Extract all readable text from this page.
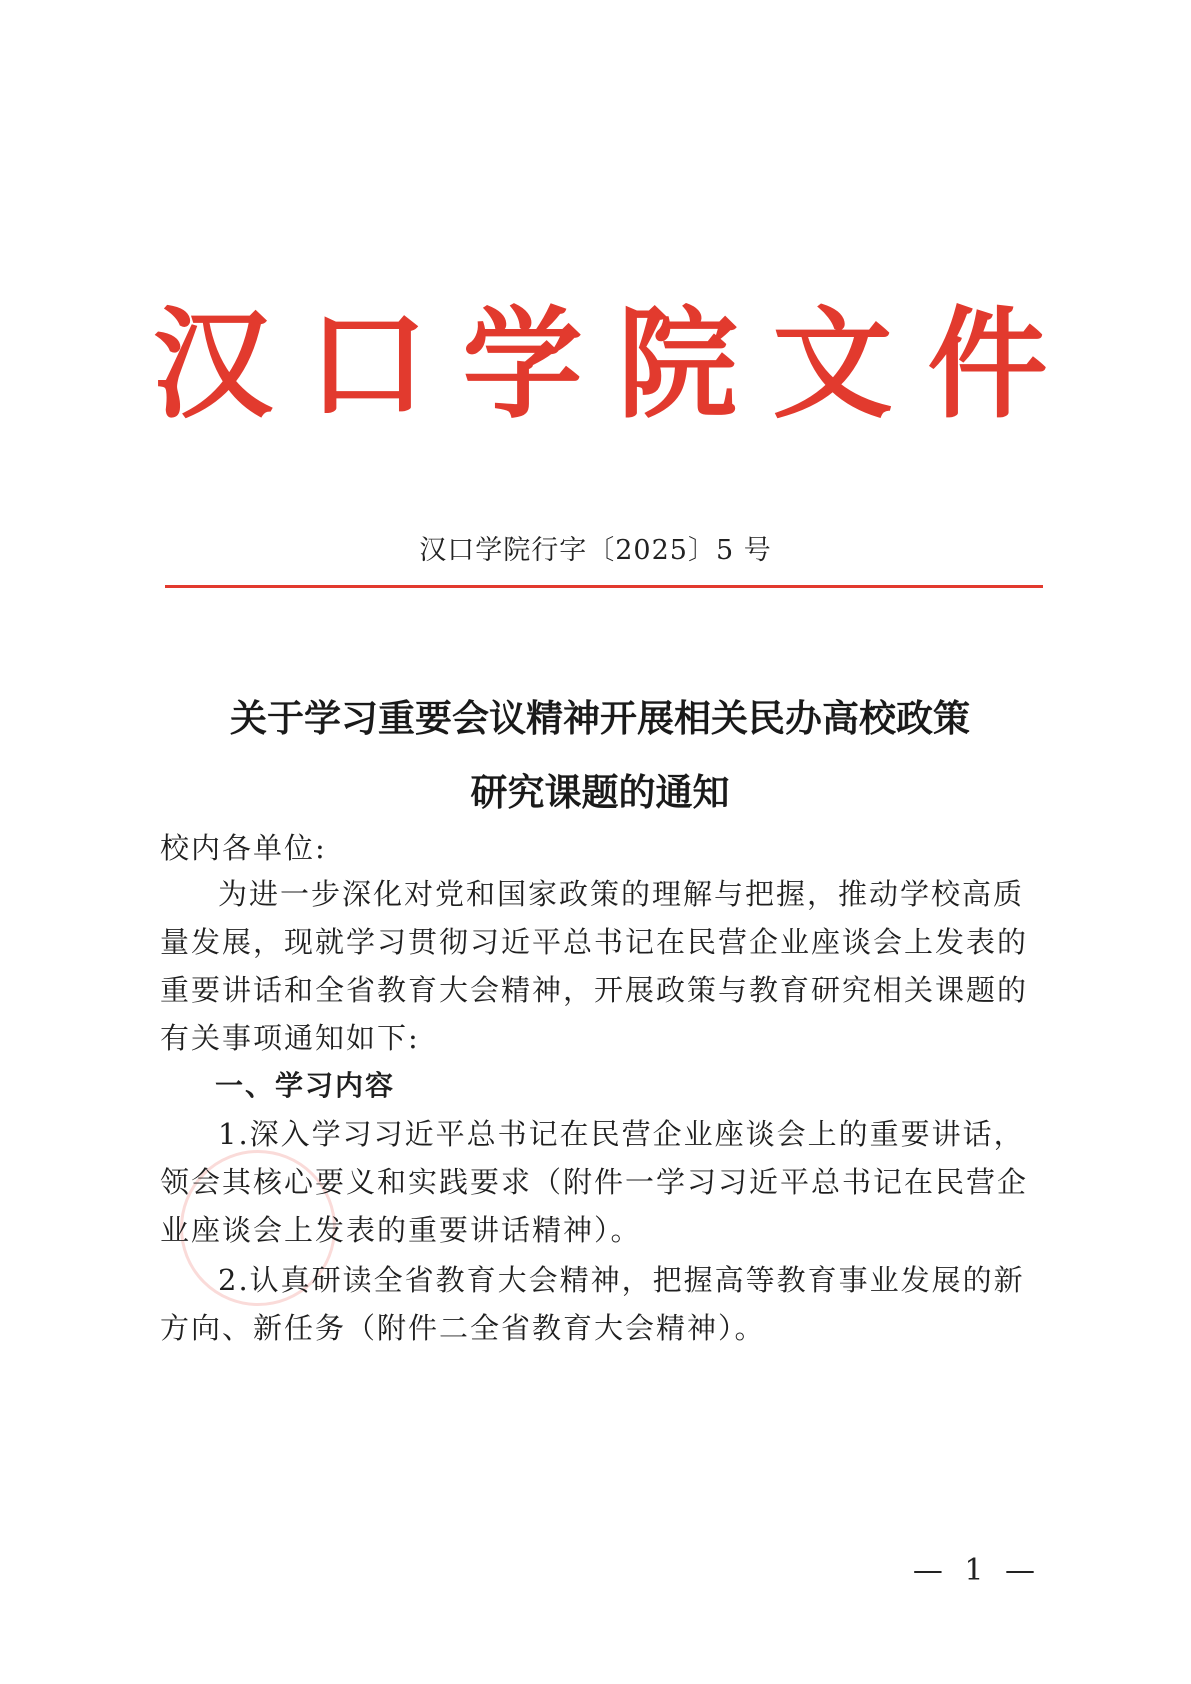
汉 口 学 院 文 件
汉口学院行字〔2025〕5 号
关于学习重要会议精神开展相关民办高校政策
研究课题的通知
校内各单位:
为进一步深化对党和国家政策的理解与把握，推动学校高质
量发展，现就学习贯彻习近平总书记在民营企业座谈会上发表的
重要讲话和全省教育大会精神，开展政策与教育研究相关课题的
有关事项通知如下:
一、学习内容
1.深入学习习近平总书记在民营企业座谈会上的重要讲话，
领会其核心要义和实践要求（附件一学习习近平总书记在民营企
业座谈会上发表的重要讲话精神）。
2.认真研读全省教育大会精神，把握高等教育事业发展的新
方向、新任务（附件二全省教育大会精神）。
— 1 —
